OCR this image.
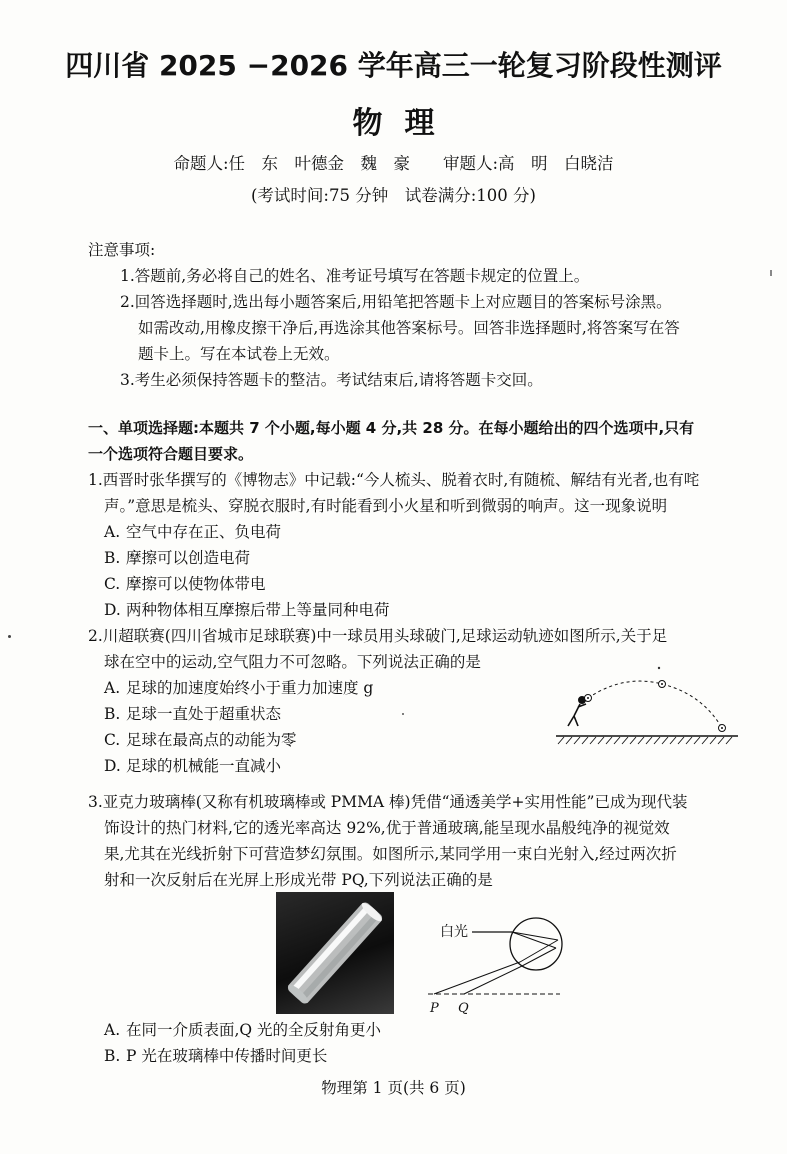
四川省 2025 −2026 学年高三一轮复习阶段性测评
物理
命题人:任　东　叶德金　魏　豪　　审题人:高　明　白晓洁
(考试时间:75 分钟　试卷满分:100 分)
注意事项:
1.答题前,务必将自己的姓名、准考证号填写在答题卡规定的位置上。
2.回答选择题时,选出每小题答案后,用铅笔把答题卡上对应题目的答案标号涂黑。
如需改动,用橡皮擦干净后,再选涂其他答案标号。回答非选择题时,将答案写在答
题卡上。写在本试卷上无效。
3.考生必须保持答题卡的整洁。考试结束后,请将答题卡交回。
一、单项选择题:本题共 7 个小题,每小题 4 分,共 28 分。在每小题给出的四个选项中,只有
一个选项符合题目要求。
1.西晋时张华撰写的《博物志》中记载:“今人梳头、脱着衣时,有随梳、解结有光者,也有咤
声。”意思是梳头、穿脱衣服时,有时能看到小火星和听到微弱的响声。这一现象说明
A. 空气中存在正、负电荷
B. 摩擦可以创造电荷
C. 摩擦可以使物体带电
D. 两种物体相互摩擦后带上等量同种电荷
2.川超联赛(四川省城市足球联赛)中一球员用头球破门,足球运动轨迹如图所示,关于足
球在空中的运动,空气阻力不可忽略。下列说法正确的是
A. 足球的加速度始终小于重力加速度 g
B. 足球一直处于超重状态
C. 足球在最高点的动能为零
D. 足球的机械能一直减小
3.亚克力玻璃棒(又称有机玻璃棒或 PMMA 棒)凭借“通透美学+实用性能”已成为现代装
饰设计的热门材料,它的透光率高达 92%,优于普通玻璃,能呈现水晶般纯净的视觉效
果,尤其在光线折射下可营造梦幻氛围。如图所示,某同学用一束白光射入,经过两次折
射和一次反射后在光屏上形成光带 PQ,下列说法正确的是
白光
P Q
A. 在同一介质表面,Q 光的全反射角更小
B. P 光在玻璃棒中传播时间更长
物理第 1 页(共 6 页)
